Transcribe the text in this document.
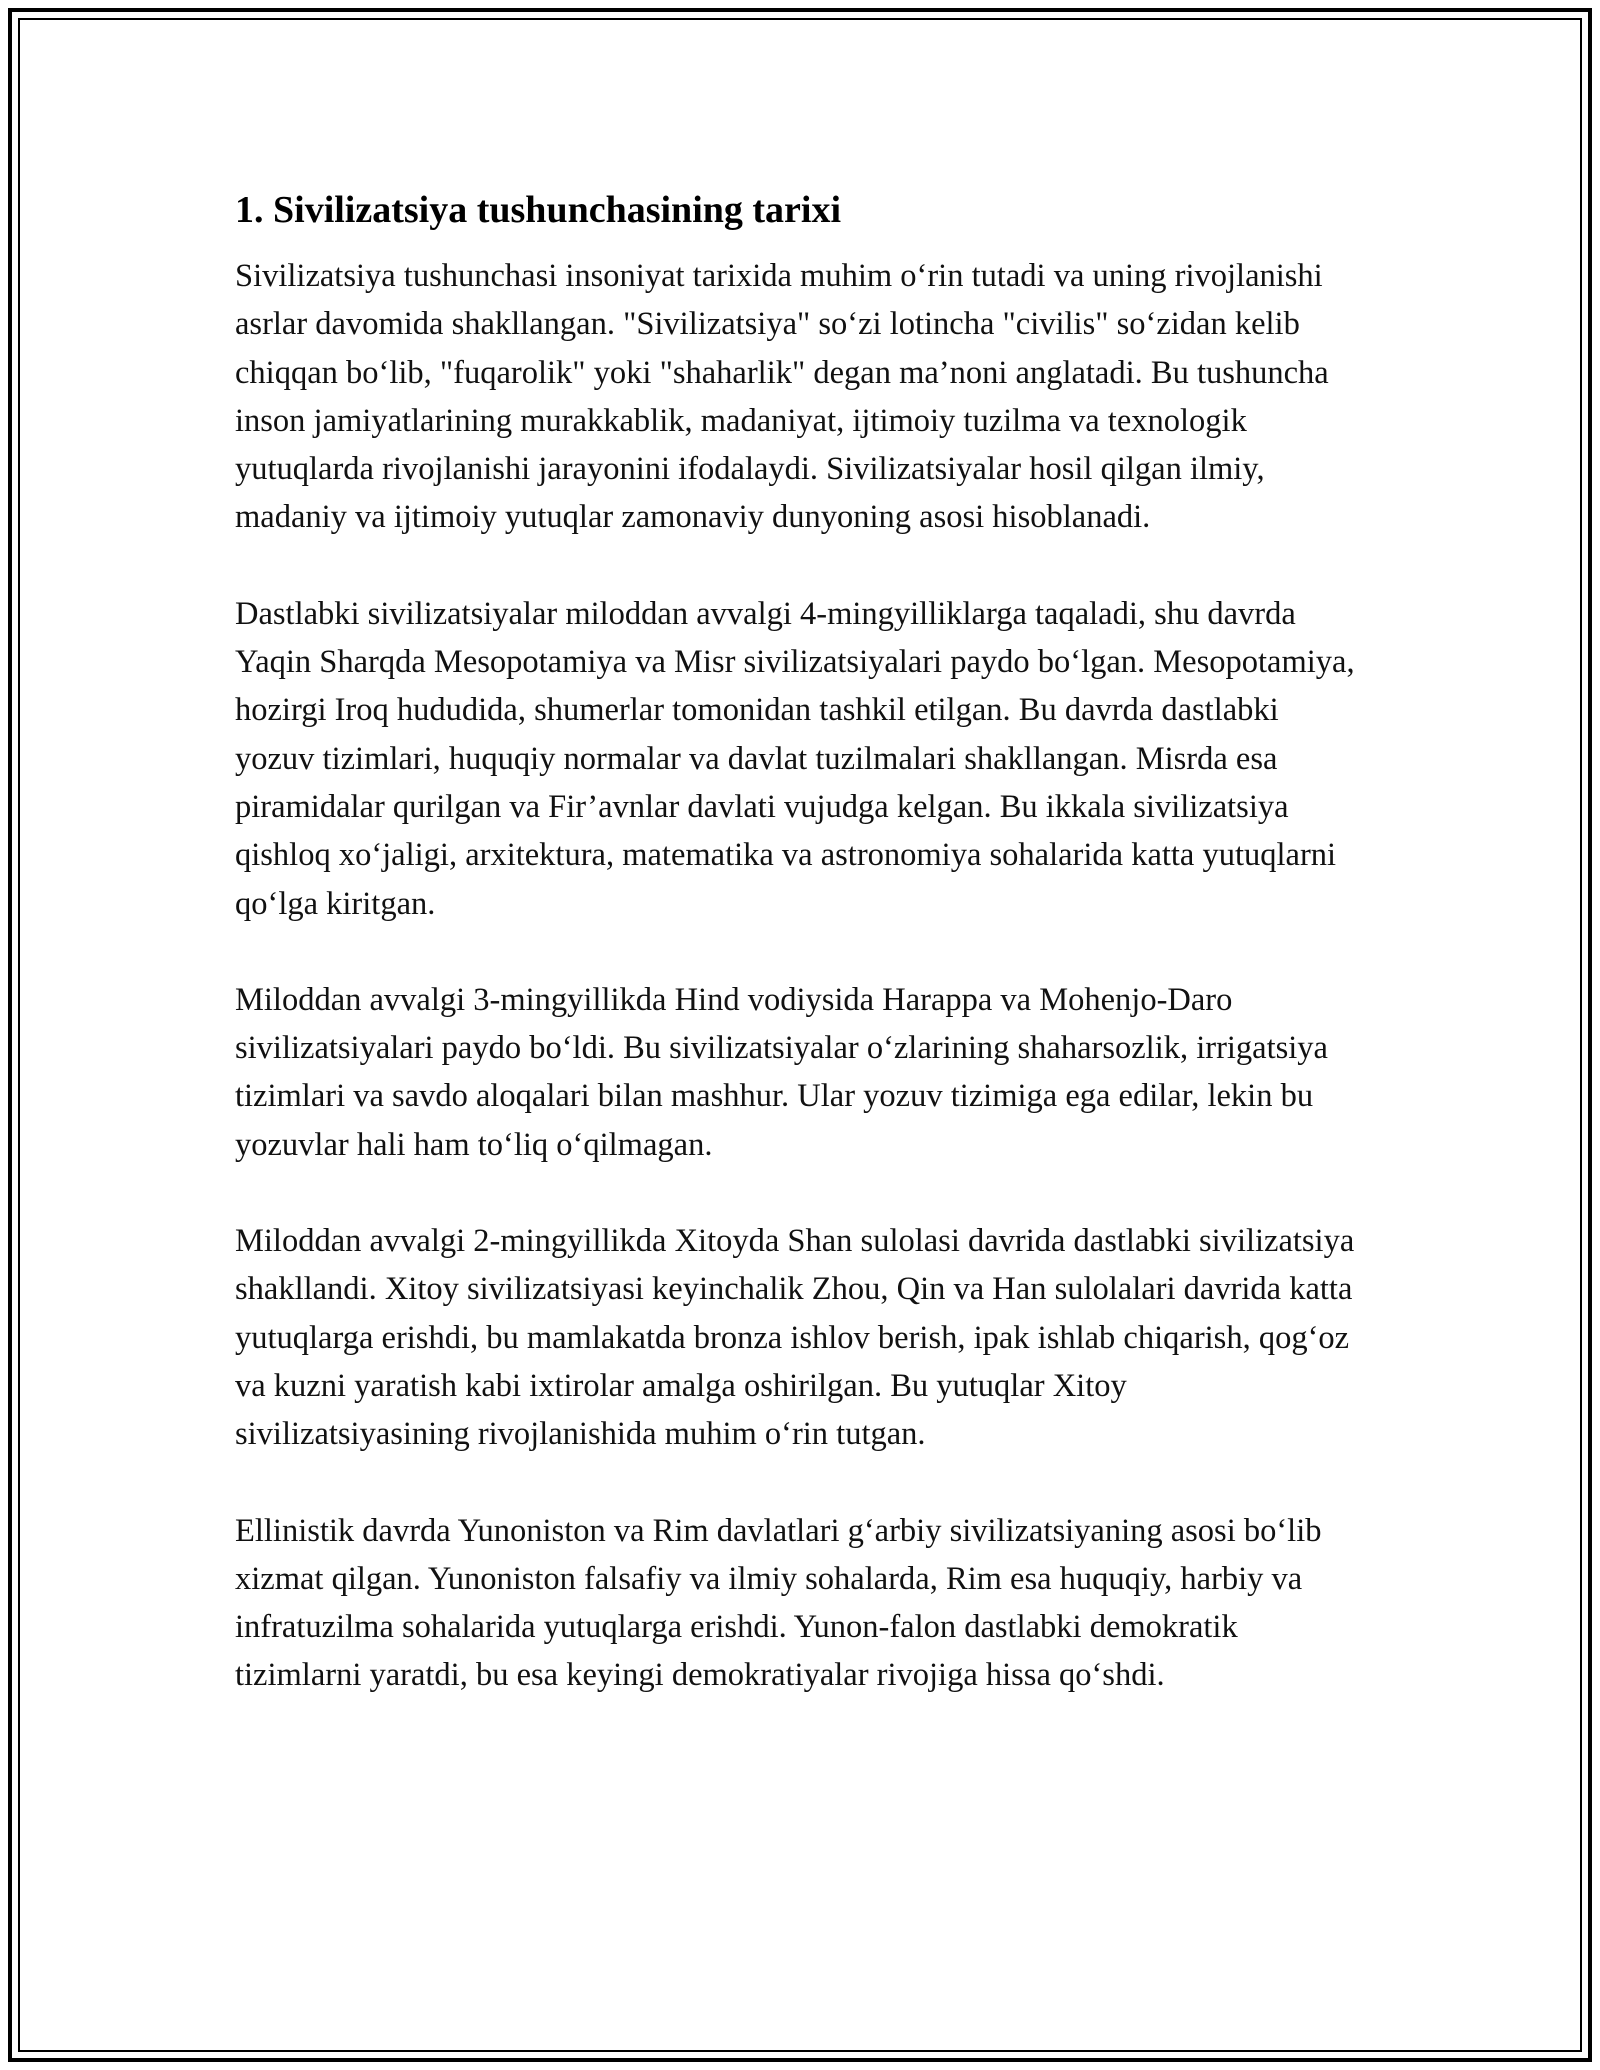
1. Sivilizatsiya tushunchasining tarixi

Sivilizatsiya tushunchasi insoniyat tarixida muhim o‘rin tutadi va uning rivojlanishi asrlar davomida shakllangan. "Sivilizatsiya" so‘zi lotincha "civilis" so‘zidan kelib chiqqan bo‘lib, "fuqarolik" yoki "shaharlik" degan ma’noni anglatadi. Bu tushuncha inson jamiyatlarining murakkablik, madaniyat, ijtimoiy tuzilma va texnologik yutuqlarda rivojlanishi jarayonini ifodalaydi. Sivilizatsiyalar hosil qilgan ilmiy, madaniy va ijtimoiy yutuqlar zamonaviy dunyoning asosi hisoblanadi.

Dastlabki sivilizatsiyalar miloddan avvalgi 4-mingyilliklarga taqaladi, shu davrda Yaqin Sharqda Mesopotamiya va Misr sivilizatsiyalari paydo bo‘lgan. Mesopotamiya, hozirgi Iroq hududida, shumerlar tomonidan tashkil etilgan. Bu davrda dastlabki yozuv tizimlari, huquqiy normalar va davlat tuzilmalari shakllangan. Misrda esa piramidalar qurilgan va Fir’avnlar davlati vujudga kelgan. Bu ikkala sivilizatsiya qishloq xo‘jaligi, arxitektura, matematika va astronomiya sohalarida katta yutuqlarni qo‘lga kiritgan.

Miloddan avvalgi 3-mingyillikda Hind vodiysida Harappa va Mohenjo-Daro sivilizatsiyalari paydo bo‘ldi. Bu sivilizatsiyalar o‘zlarining shaharsozlik, irrigatsiya tizimlari va savdo aloqalari bilan mashhur. Ular yozuv tizimiga ega edilar, lekin bu yozuvlar hali ham to‘liq o‘qilmagan.

Miloddan avvalgi 2-mingyillikda Xitoyda Shan sulolasi davrida dastlabki sivilizatsiya shakllandi. Xitoy sivilizatsiyasi keyinchalik Zhou, Qin va Han sulolalari davrida katta yutuqlarga erishdi, bu mamlakatda bronza ishlov berish, ipak ishlab chiqarish, qog‘oz va kuzni yaratish kabi ixtirolar amalga oshirilgan. Bu yutuqlar Xitoy sivilizatsiyasining rivojlanishida muhim o‘rin tutgan.

Ellinistik davrda Yunoniston va Rim davlatlari g‘arbiy sivilizatsiyaning asosi bo‘lib xizmat qilgan. Yunoniston falsafiy va ilmiy sohalarda, Rim esa huquqiy, harbiy va infratuzilma sohalarida yutuqlarga erishdi. Yunon-falon dastlabki demokratik tizimlarni yaratdi, bu esa keyingi demokratiyalar rivojiga hissa qo‘shdi.
